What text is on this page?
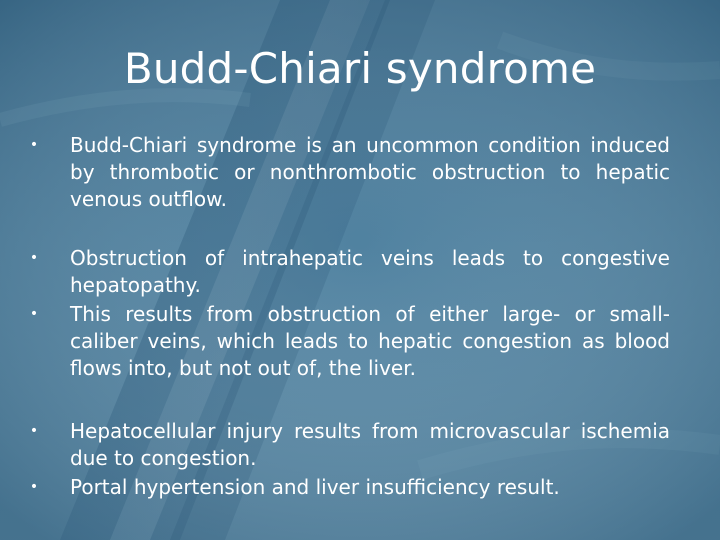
Budd-Chiari syndrome
• Budd-Chiari syndrome is an uncommon condition induced by thrombotic or nonthrombotic obstruction to hepatic venous outflow.
• Obstruction of intrahepatic veins leads to congestive hepatopathy.
• This results from obstruction of either large- or small-caliber veins, which leads to hepatic congestion as blood flows into, but not out of, the liver.
• Hepatocellular injury results from microvascular ischemia due to congestion.
• Portal hypertension and liver insufficiency result.
